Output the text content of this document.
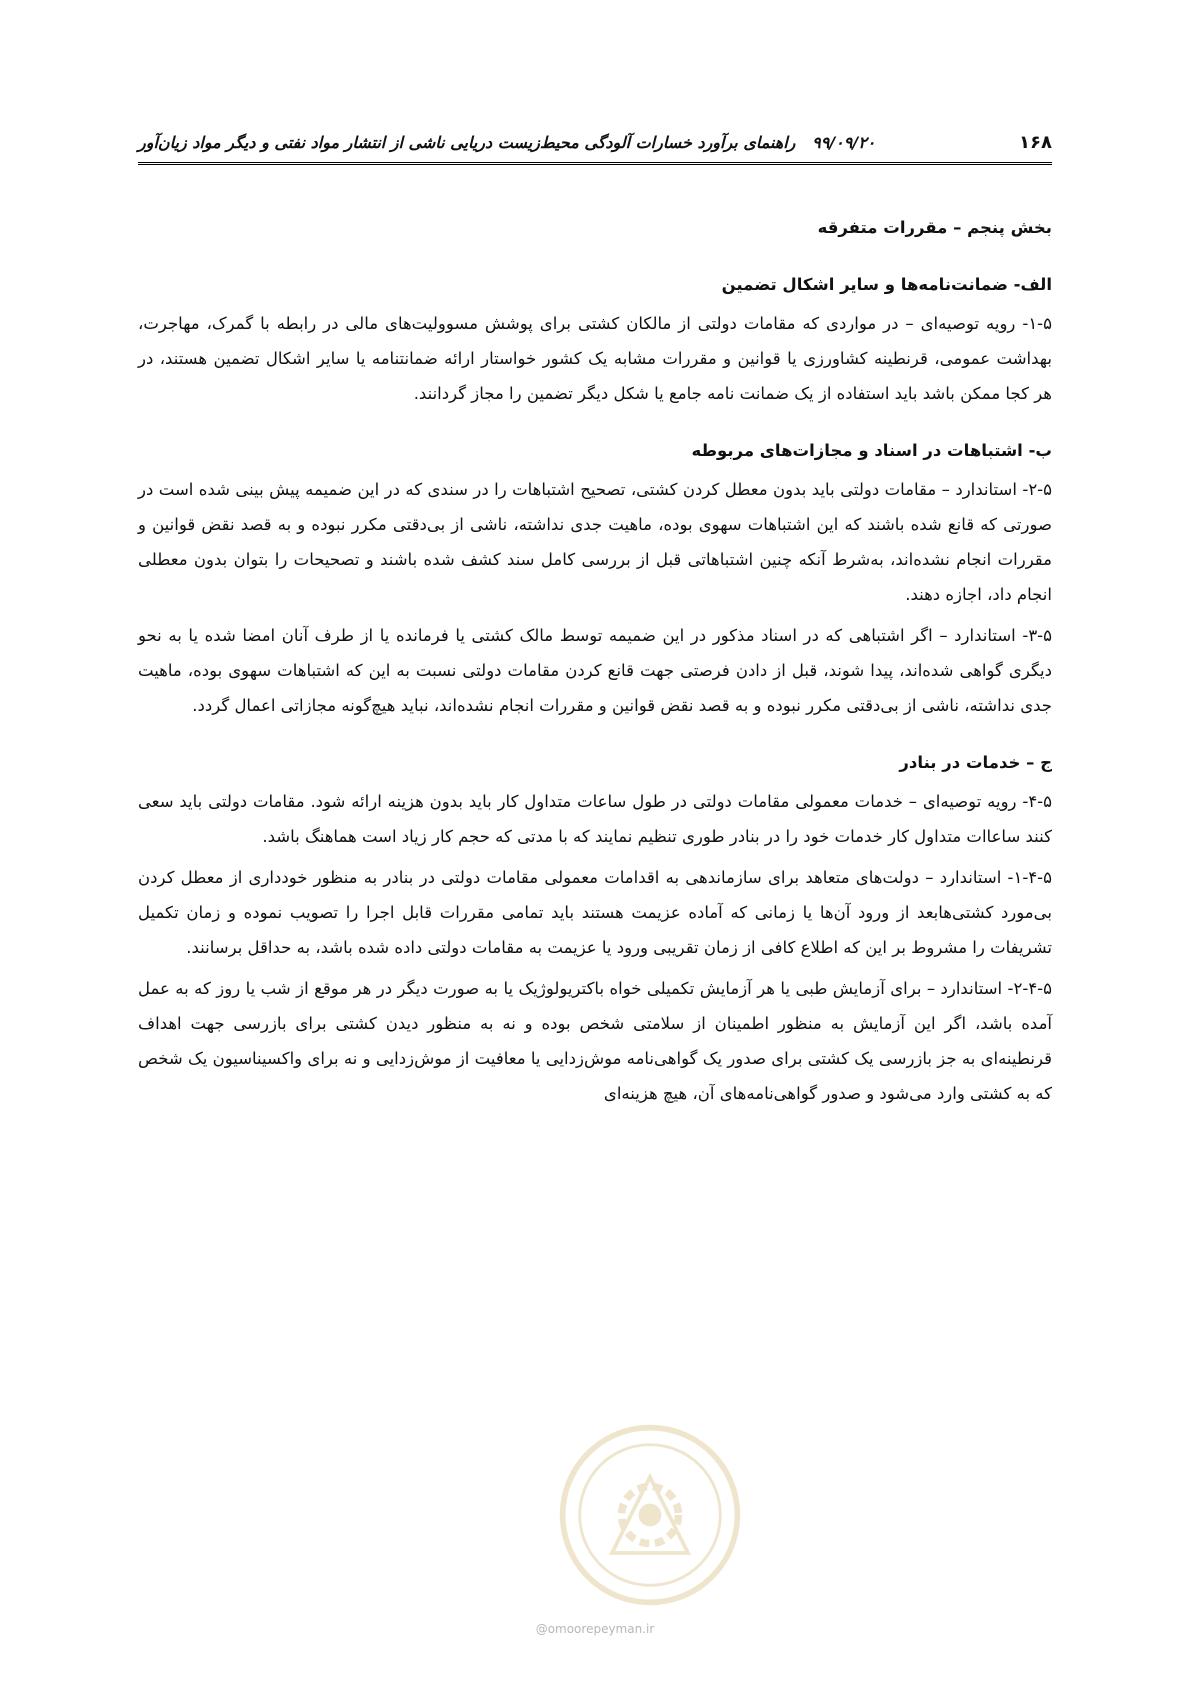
۱۶۸
۹۹/۰۹/۲۰   راهنمای برآورد خسارات آلودگی محیط‌زیست دریایی ناشی از انتشار مواد نفتی و دیگر مواد زیان‌آور

بخش پنجم – مقررات متفرقه

الف- ضمانت‌نامه‌ها و سایر اشکال تضمین

۱-۵- رویه توصیه‌ای – در مواردی که مقامات دولتی از مالکان کشتی برای پوشش مسوولیت‌های مالی در رابطه با گمرک، مهاجرت، بهداشت عمومی، قرنطینه کشاورزی یا قوانین و مقررات مشابه یک کشور خواستار ارائه ضمانتنامه یا سایر اشکال تضمین هستند، در هر کجا ممکن باشد باید استفاده از یک ضمانت نامه جامع یا شکل دیگر تضمین را مجاز گردانند.

ب- اشتباهات در اسناد و مجازات‌های مربوطه

۲-۵- استاندارد – مقامات دولتی باید بدون معطل کردن کشتی، تصحیح اشتباهات را در سندی که در این ضمیمه پیش بینی شده است در صورتی که قانع شده باشند که این اشتباهات سهوی بوده، ماهیت جدی نداشته، ناشی از بی‌دقتی مکرر نبوده و به قصد نقض قوانین و مقررات انجام نشده‌اند، به‌شرط آنکه چنین اشتباهاتی قبل از بررسی کامل سند کشف شده باشند و تصحیحات را بتوان بدون معطلی انجام داد، اجازه دهند.

۳-۵- استاندارد – اگر اشتباهی که در اسناد مذکور در این ضمیمه توسط مالک کشتی یا فرمانده یا از طرف آنان امضا شده یا به نحو دیگری گواهی شده‌اند، پیدا شوند، قبل از دادن فرصتی جهت قانع کردن مقامات دولتی نسبت به این که اشتباهات سهوی بوده، ماهیت جدی نداشته، ناشی از بی‌دقتی مکرر نبوده و به قصد نقض قوانین و مقررات انجام نشده‌اند، نباید هیچ‌گونه مجازاتی اعمال گردد.

ج – خدمات در بنادر

۴-۵- رویه توصیه‌ای – خدمات معمولی مقامات دولتی در طول ساعات متداول کار باید بدون هزینه ارائه شود. مقامات دولتی باید سعی کنند ساعاات متداول کار خدمات خود را در بنادر طوری تنظیم نمایند که با مدتی که حجم کار زیاد است هماهنگ باشد.

۱-۴-۵- استاندارد – دولت‌های متعاهد برای سازماندهی به اقدامات معمولی مقامات دولتی در بنادر به منظور خودداری از معطل کردن بی‌مورد کشتی‌هابعد از ورود آن‌ها یا زمانی که آماده عزیمت هستند باید تمامی مقررات قابل اجرا را تصویب نموده و زمان تکمیل تشریفات را مشروط بر این که اطلاع کافی از زمان تقریبی ورود یا عزیمت به مقامات دولتی داده شده باشد، به حداقل برسانند.

۲-۴-۵- استاندارد – برای آزمایش طبی یا هر آزمایش تکمیلی خواه باکتریولوژیک یا به صورت دیگر در هر موقع از شب یا روز که به عمل آمده باشد، اگر این آزمایش به منظور اطمینان از سلامتی شخص بوده و نه به منظور دیدن کشتی برای بازرسی جهت اهداف قرنطینه‌ای به جز بازرسی یک کشتی برای صدور یک گواهی‌نامه موش‌زدایی یا معافیت از موش‌زدایی و نه برای واکسیناسیون یک شخص که به کشتی وارد می‌شود و صدور گواهی‌نامه‌های آن، هیچ هزینه‌ای

@omoorepeyman.ir
